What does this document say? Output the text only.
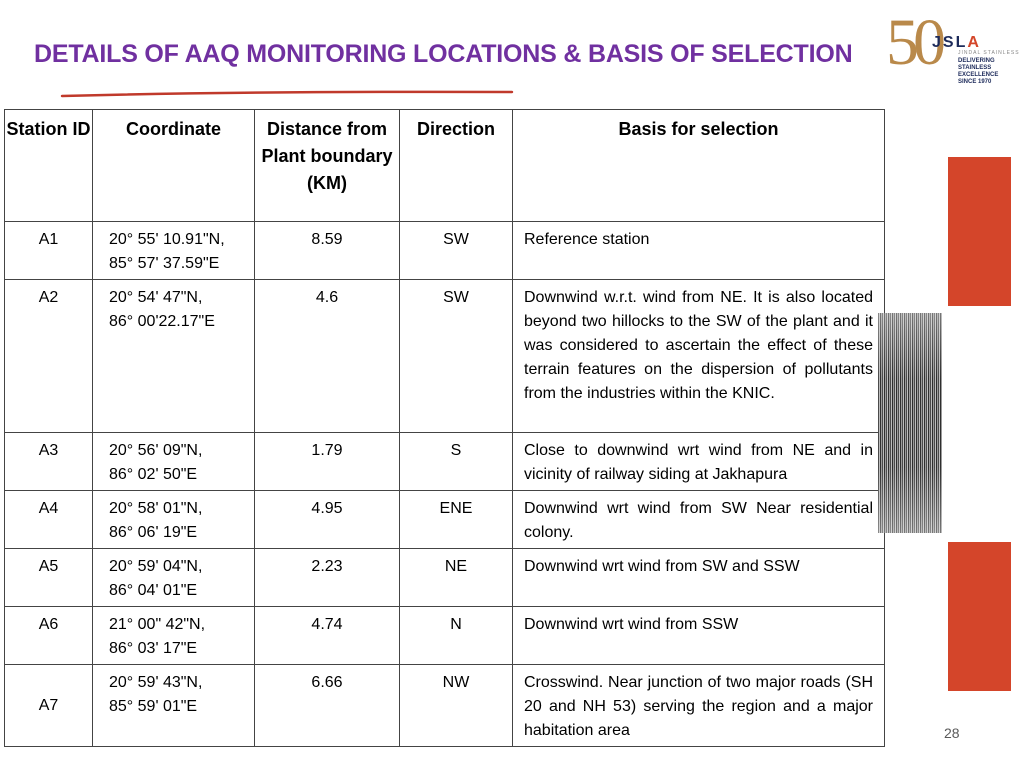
DETAILS OF AAQ MONITORING LOCATIONS & BASIS OF SELECTION 50
JSLA
JINDAL STAINLESS
DELIVERING
STAINLESS EXCELLENCE
SINCE 1970
Station ID	Coordinate	Distance from Plant boundary (KM)	Direction	Basis for selection
A1	20° 55' 10.91"N,
85° 57' 37.59"E	8.59	SW	Reference station
A2	20° 54' 47"N,
86° 00'22.17"E	4.6	SW	Downwind w.r.t. wind from NE. It is also located beyond two hillocks to the SW of the plant and it was considered to ascertain the effect of these terrain features on the dispersion of pollutants from the industries within the KNIC.
A3	20° 56' 09"N,
86° 02' 50"E	1.79	S	Close to downwind wrt wind from NE and in vicinity of railway siding at Jakhapura
A4	20° 58' 01"N,
86° 06' 19"E	4.95	ENE	Downwind wrt wind from SW Near residential colony.
A5	20° 59' 04"N,
86° 04' 01"E	2.23	NE	Downwind wrt wind from SW and SSW
A6	21° 00" 42"N,
86° 03' 17"E	4.74	N	Downwind wrt wind from SSW
A7	20° 59' 43"N,
85° 59' 01"E	6.66	NW	Crosswind. Near junction of two major roads (SH 20 and NH 53) serving the region and a major habitation area	28
